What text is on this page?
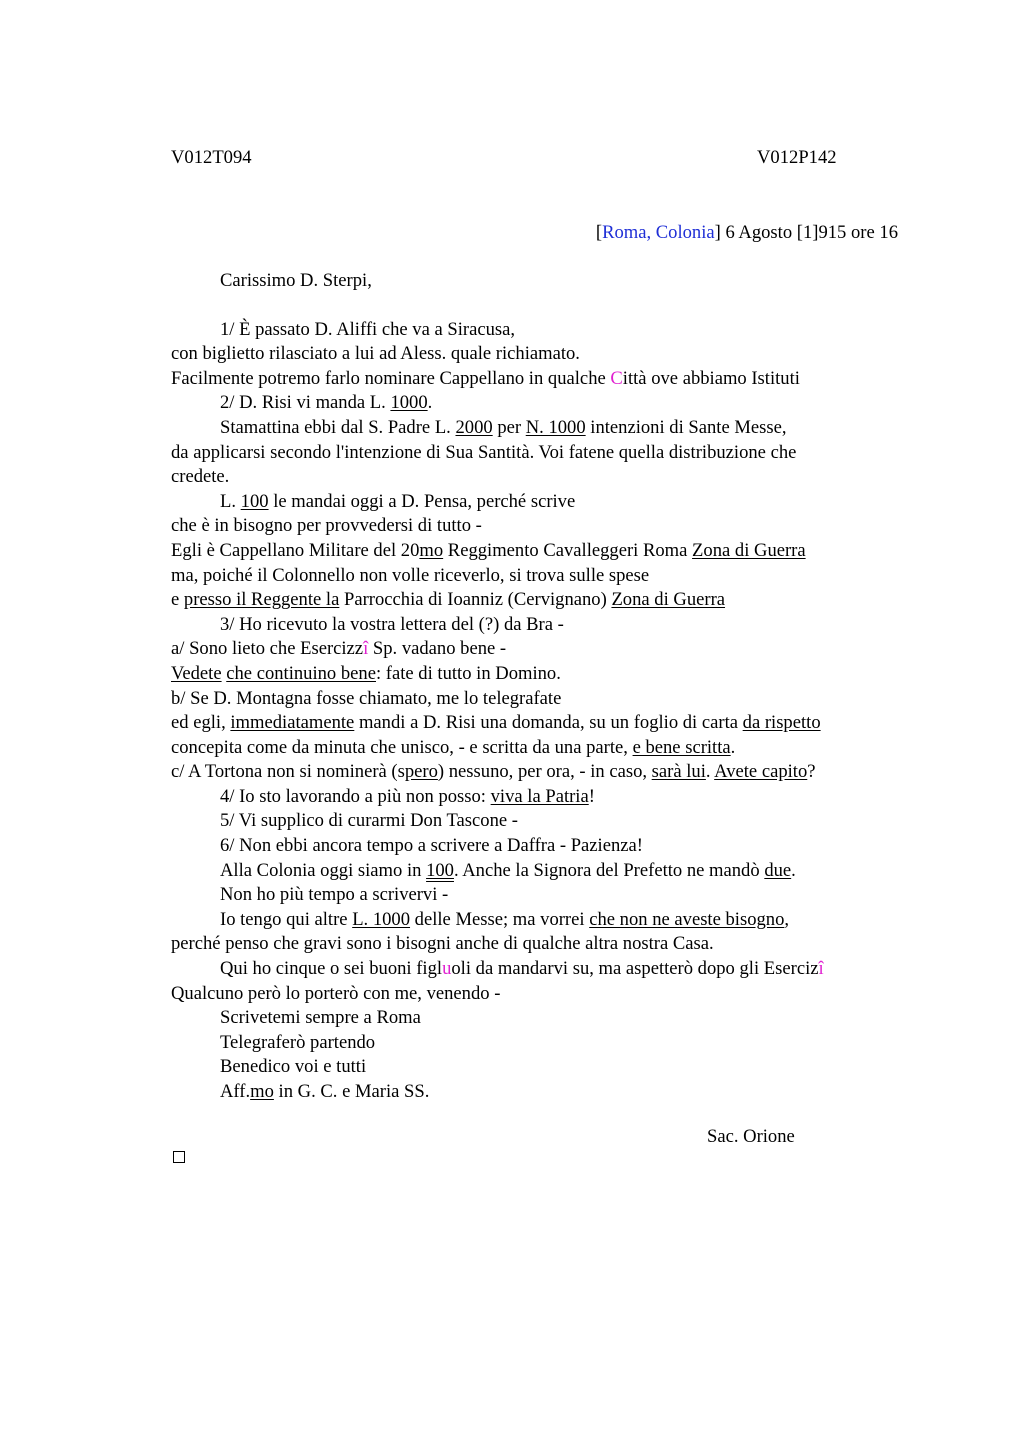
V012T094	V012P142
[Roma, Colonia] 6 Agosto [1]915 ore 16
Carissimo D. Sterpi,
1/ È passato D. Aliffi che va a Siracusa,
con biglietto rilasciato a lui ad Aless. quale richiamato.
Facilmente potremo farlo nominare Cappellano in qualche Città ove abbiamo Istituti
2/ D. Risi vi manda L. 1000.
Stamattina ebbi dal S. Padre L. 2000 per N. 1000 intenzioni di Sante Messe,
da applicarsi secondo l'intenzione di Sua Santità. Voi fatene quella distribuzione che
credete.
L. 100 le mandai oggi a D. Pensa, perché scrive
che è in bisogno per provvedersi di tutto -
Egli è Cappellano Militare del 20mo Reggimento Cavalleggeri Roma Zona di Guerra
ma, poiché il Colonnello non volle riceverlo, si trova sulle spese
e presso il Reggente la Parrocchia di Ioanniz (Cervignano) Zona di Guerra
3/ Ho ricevuto la vostra lettera del (?) da Bra -
a/ Sono lieto che Esercizzî Sp. vadano bene -
Vedete che continuino bene: fate di tutto in Domino.
b/ Se D. Montagna fosse chiamato, me lo telegrafate
ed egli, immediatamente mandi a D. Risi una domanda, su un foglio di carta da rispetto
concepita come da minuta che unisco, - e scritta da una parte, e bene scritta.
c/ A Tortona non si nominerà (spero) nessuno, per ora, - in caso, sarà lui. Avete capito?
4/ Io sto lavorando a più non posso: viva la Patria!
5/ Vi supplico di curarmi Don Tascone -
6/ Non ebbi ancora tempo a scrivere a Daffra - Pazienza!
Alla Colonia oggi siamo in 100. Anche la Signora del Prefetto ne mandò due.
Non ho più tempo a scrivervi -
Io tengo qui altre L. 1000 delle Messe; ma vorrei che non ne aveste bisogno,
perché penso che gravi sono i bisogni anche di qualche altra nostra Casa.
Qui ho cinque o sei buoni figluoli da mandarvi su, ma aspetterò dopo gli Esercizî
Qualcuno però lo porterò con me, venendo -
Scrivetemi sempre a Roma
Telegraferò partendo
Benedico voi e tutti
Aff.mo in G. C. e Maria SS.
Sac. Orione
